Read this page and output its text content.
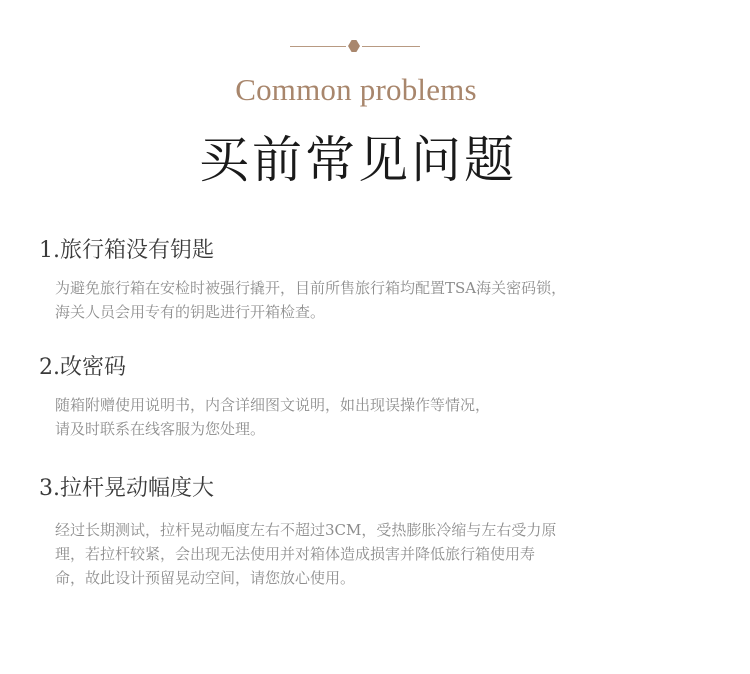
Common problems
买前常见问题

1.旅行箱没有钥匙

为避免旅行箱在安检时被强行撬开，目前所售旅行箱均配置TSA海关密码锁，
海关人员会用专有的钥匙进行开箱检查。

2.改密码

随箱附赠使用说明书，内含详细图文说明，如出现误操作等情况，
请及时联系在线客服为您处理。

3.拉杆晃动幅度大

经过长期测试，拉杆晃动幅度左右不超过3CM，受热膨胀冷缩与左右受力原
理，若拉杆较紧，会出现无法使用并对箱体造成损害并降低旅行箱使用寿
命，故此设计预留晃动空间，请您放心使用。
